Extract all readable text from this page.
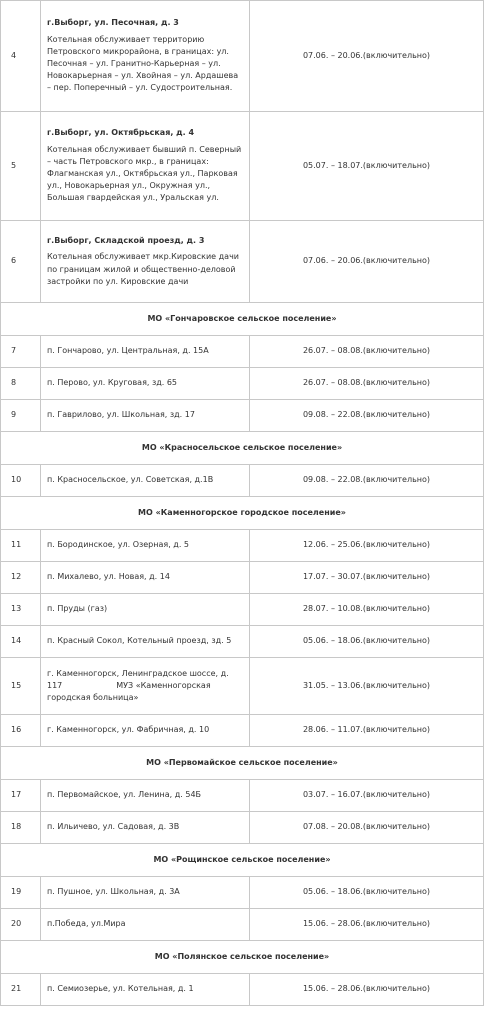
4	г.Выборг, ул. Песочная, д. 3
Котельная обслуживает территорию Петровского микрорайона, в границах: ул. Песочная – ул. Гранитно-Карьерная – ул. Новокарьерная – ул. Хвойная – ул. Ардашева – пер. Поперечный – ул. Судостроительная.	07.06. – 20.06.(включительно)
5	г.Выборг, ул. Октябрьская, д. 4
Котельная обслуживает бывший п. Северный – часть Петровского мкр., в границах: Флагманская ул., Октябрьская ул., Парковая ул., Новокарьерная ул., Окружная ул., Большая гвардейская ул., Уральская ул.	05.07. – 18.07.(включительно)
6	г.Выборг, Складской проезд, д. 3
Котельная обслуживает мкр.Кировские дачи по границам жилой и общественно-деловой застройки по ул. Кировские дачи	07.06. – 20.06.(включительно)
МО «Гончаровское сельское поселение»		
7	п. Гончарово, ул. Центральная, д. 15А	26.07. – 08.08.(включительно)
8	п. Перово, ул. Круговая, зд. 65	26.07. – 08.08.(включительно)
9	п. Гаврилово, ул. Школьная, зд. 17	09.08. – 22.08.(включительно)
МО «Красносельское сельское поселение»		
10	п. Красносельское, ул. Советская, д.1В	09.08. – 22.08.(включительно)
МО «Каменногорское городское поселение»		
11	п. Бородинское, ул. Озерная, д. 5	12.06. – 25.06.(включительно)
12	п. Михалево, ул. Новая, д. 14	17.07. – 30.07.(включительно)
13	п. Пруды (газ)	28.07. – 10.08.(включительно)
14	п. Красный Сокол, Котельный проезд, зд. 5	05.06. – 18.06.(включительно)
15	г. Каменногорск, Ленинградское шоссе, д. 117 МУЗ «Каменногорская городская больница»	31.05. – 13.06.(включительно)
16	г. Каменногорск, ул. Фабричная, д. 10	28.06. – 11.07.(включительно)
МО «Первомайское сельское поселение»		
17	п. Первомайское, ул. Ленина, д. 54Б	03.07. – 16.07.(включительно)
18	п. Ильичево, ул. Садовая, д. 3В	07.08. – 20.08.(включительно)
МО «Рощинское сельское поселение»		
19	п. Пушное, ул. Школьная, д. 3А	05.06. – 18.06.(включительно)
20	п.Победа, ул.Мира	15.06. – 28.06.(включительно)
МО «Полянское сельское поселение»		
21	п. Семиозерье, ул. Котельная, д. 1	15.06. – 28.06.(включительно)
